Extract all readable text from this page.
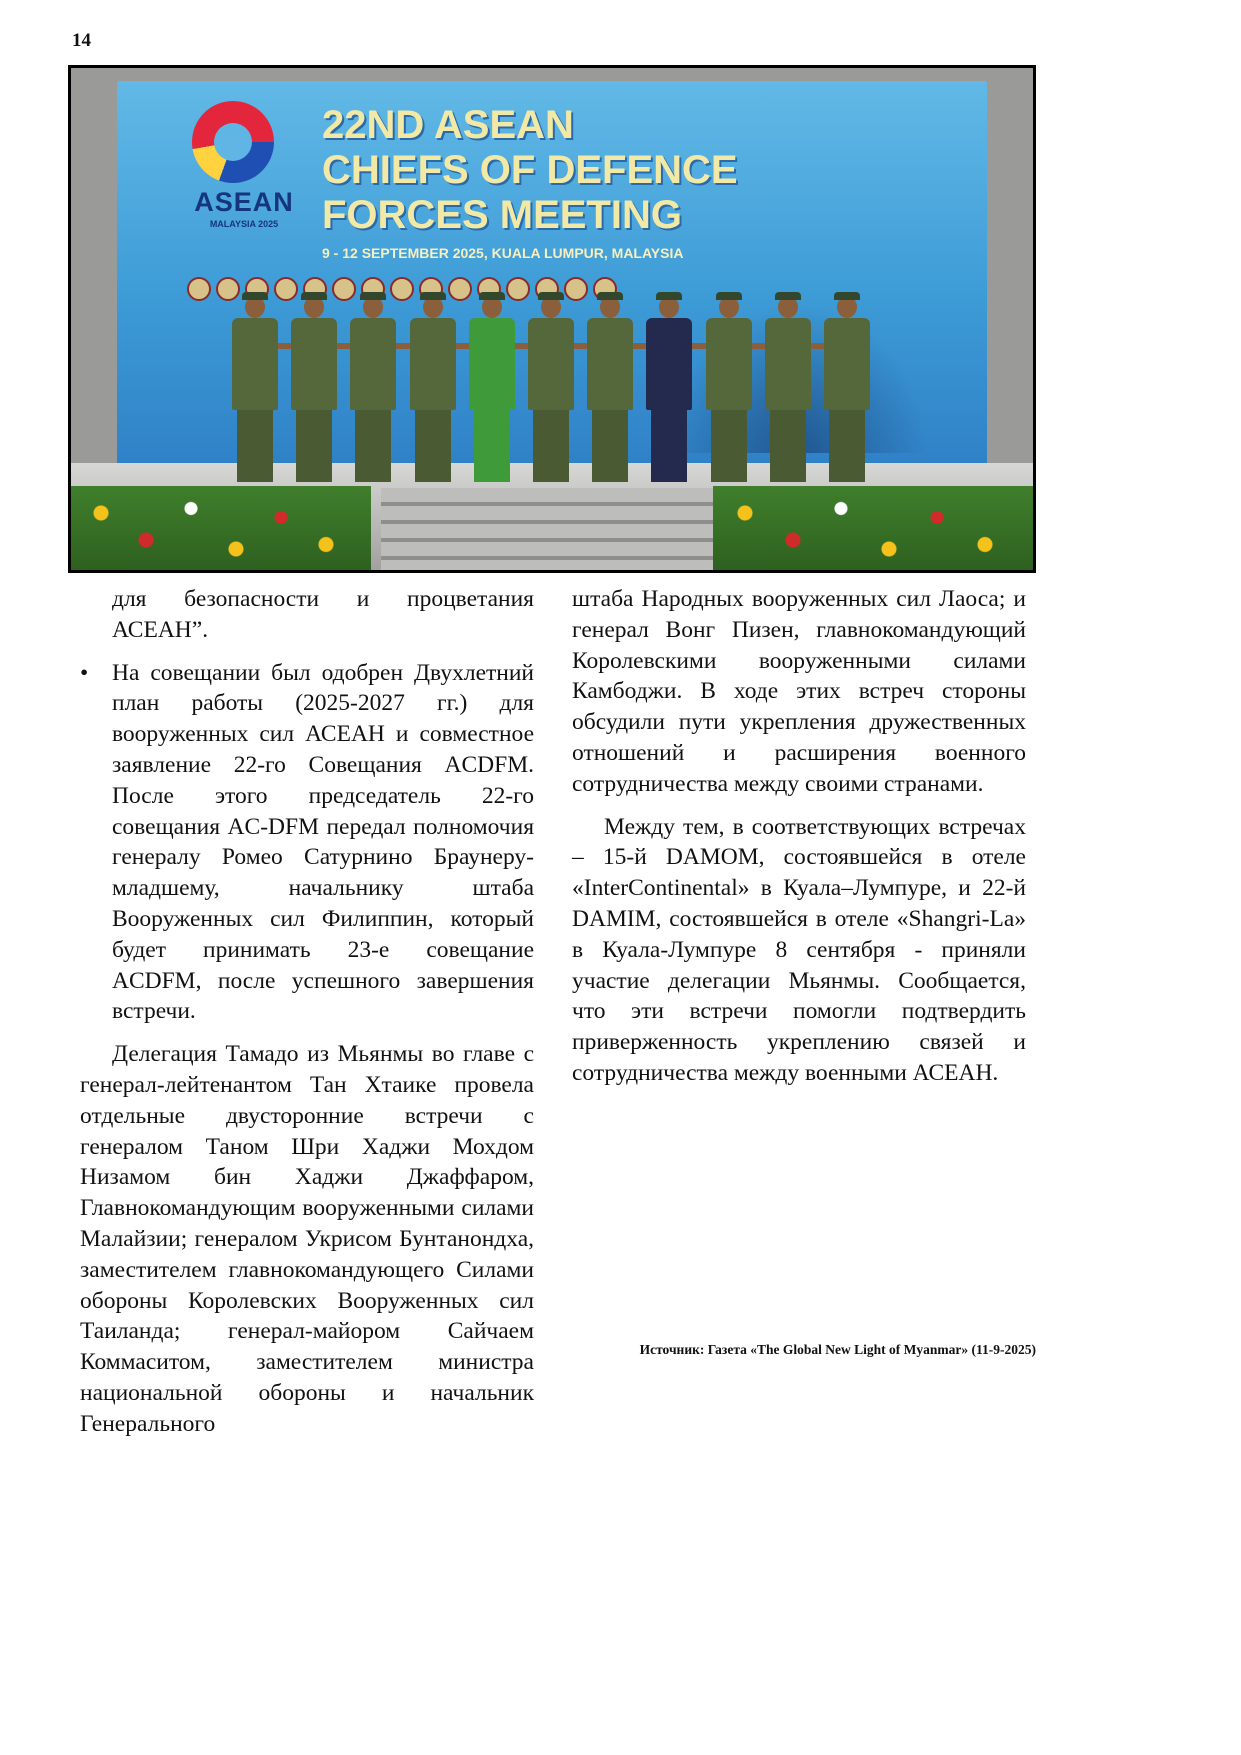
14
ASEAN
MALAYSIA 2025
22ND ASEAN
CHIEFS OF DEFENCE
FORCES MEETING
9 - 12 SEPTEMBER 2025, KUALA LUMPUR, MALAYSIA

для безопасности и процветания АСЕАН”.

• На совещании был одобрен Двухлетний план работы (2025-2027 гг.) для вооруженных сил АСЕАН и совместное заявление 22-го Совещания ACDFM. После этого председатель 22-го совещания AC-DFM передал полномочия генералу Ромео Сатурнино Браунеру-младшему, начальнику штаба Вооруженных сил Филиппин, который будет принимать 23-е совещание ACDFM, после успешного завершения встречи.

Делегация Тамадо из Мьянмы во главе с генерал-лейтенантом Тан Хтаике провела отдельные двусторонние встречи с генералом Таном Шри Хаджи Мохдом Низамом бин Хаджи Джаффаром, Главнокомандующим вооруженными силами Малайзии; генералом Укрисом Бунтанондха, заместителем главнокомандующего Силами обороны Королевских Вооруженных сил Таиланда; генерал-майором Сайчаем Коммаситом, заместителем министра национальной обороны и начальник Генерального

штаба Народных вооруженных сил Лаоса; и генерал Вонг Пизен, главнокомандующий Королевскими вооруженными силами Камбоджи. В ходе этих встреч стороны обсудили пути укрепления дружественных отношений и расширения военного сотрудничества между своими странами.

Между тем, в соответствующих встречах – 15-й DAMOM, состоявшейся в отеле «InterContinental» в Куала–Лумпуре, и 22-й DAMIM, состоявшейся в отеле «Shangri-La» в Куала-Лумпуре 8 сентября - приняли участие делегации Мьянмы. Сообщается, что эти встречи помогли подтвердить приверженность укреплению связей и сотрудничества между военными АСЕАН.

Источник: Газета «The Global New Light of Myanmar» (11-9-2025)
